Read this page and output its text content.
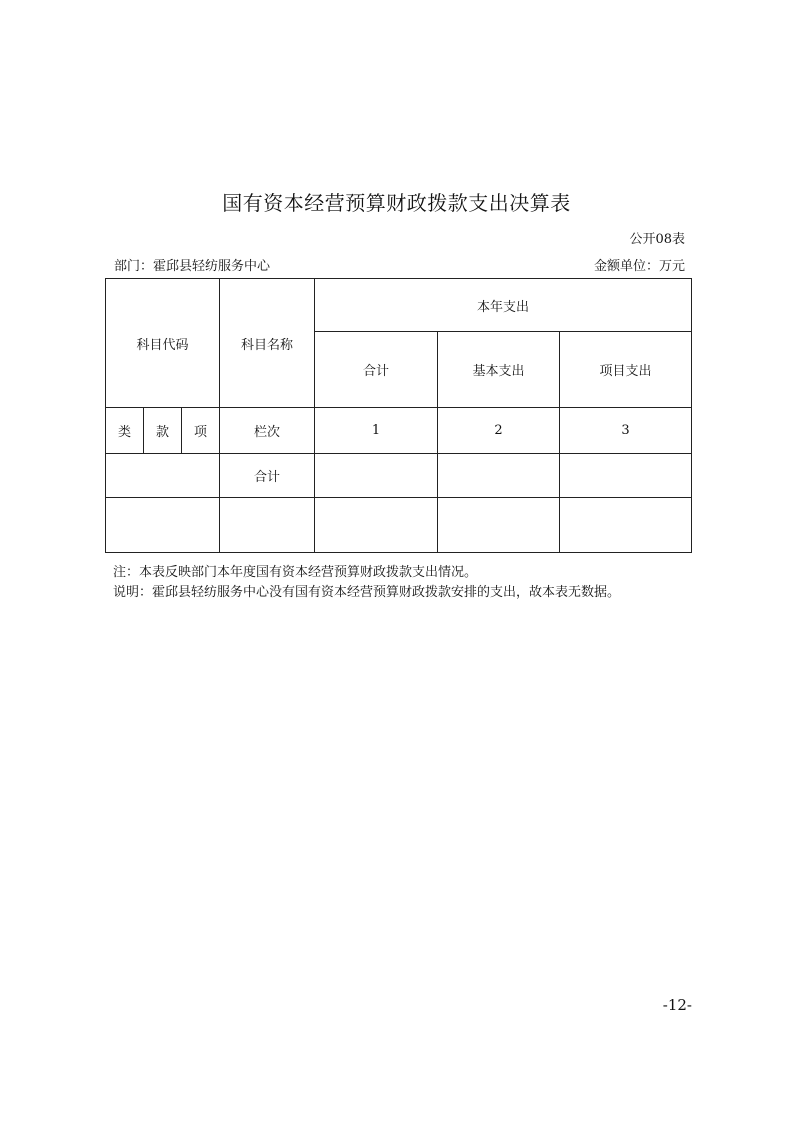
国有资本经营预算财政拨款支出决算表
公开08表
部门：霍邱县轻纺服务中心	金额单位：万元
科目代码			科目名称	本年支出		
				合计	基本支出	项目支出
类	款	项	栏次	1	2	3
			合计			

注：本表反映部门本年度国有资本经营预算财政拨款支出情况。
说明：霍邱县轻纺服务中心没有国有资本经营预算财政拨款安排的支出，故本表无数据。
-12-
